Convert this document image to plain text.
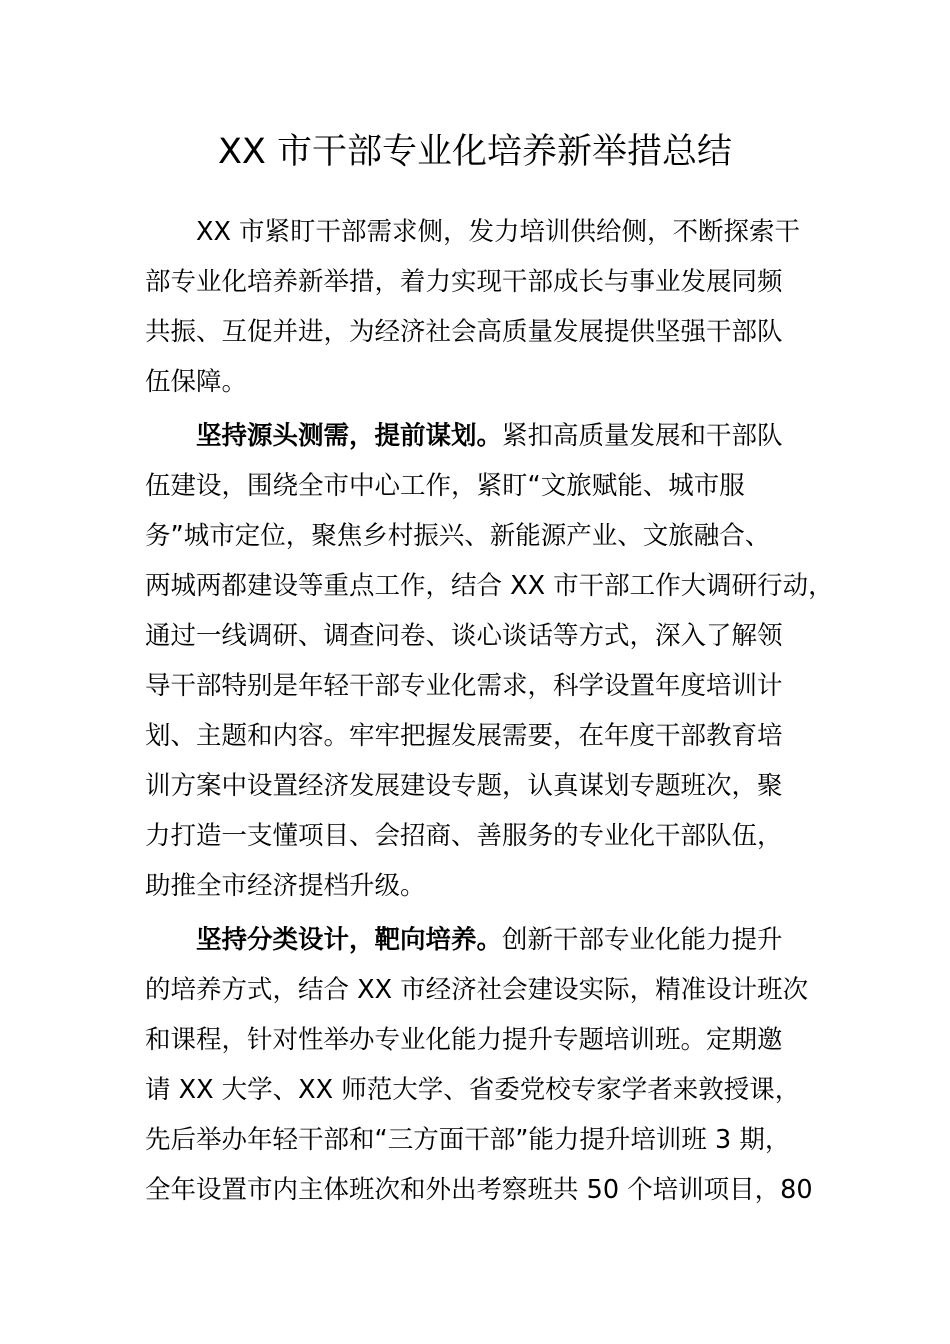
XX 市干部专业化培养新举措总结
XX 市紧盯干部需求侧，发力培训供给侧，不断探索干
部专业化培养新举措，着力实现干部成长与事业发展同频
共振、互促并进，为经济社会高质量发展提供坚强干部队
伍保障。
坚持源头测需，提前谋划。紧扣高质量发展和干部队
伍建设，围绕全市中心工作，紧盯“文旅赋能、城市服
务”城市定位，聚焦乡村振兴、新能源产业、文旅融合、
两城两都建设等重点工作，结合 XX 市干部工作大调研行动，
通过一线调研、调查问卷、谈心谈话等方式，深入了解领
导干部特别是年轻干部专业化需求，科学设置年度培训计
划、主题和内容。牢牢把握发展需要，在年度干部教育培
训方案中设置经济发展建设专题，认真谋划专题班次，聚
力打造一支懂项目、会招商、善服务的专业化干部队伍，
助推全市经济提档升级。
坚持分类设计，靶向培养。创新干部专业化能力提升
的培养方式，结合 XX 市经济社会建设实际，精准设计班次
和课程，针对性举办专业化能力提升专题培训班。定期邀
请 XX 大学、XX 师范大学、省委党校专家学者来敦授课，
先后举办年轻干部和“三方面干部”能力提升培训班 3 期，
全年设置市内主体班次和外出考察班共 50 个培训项目，80
